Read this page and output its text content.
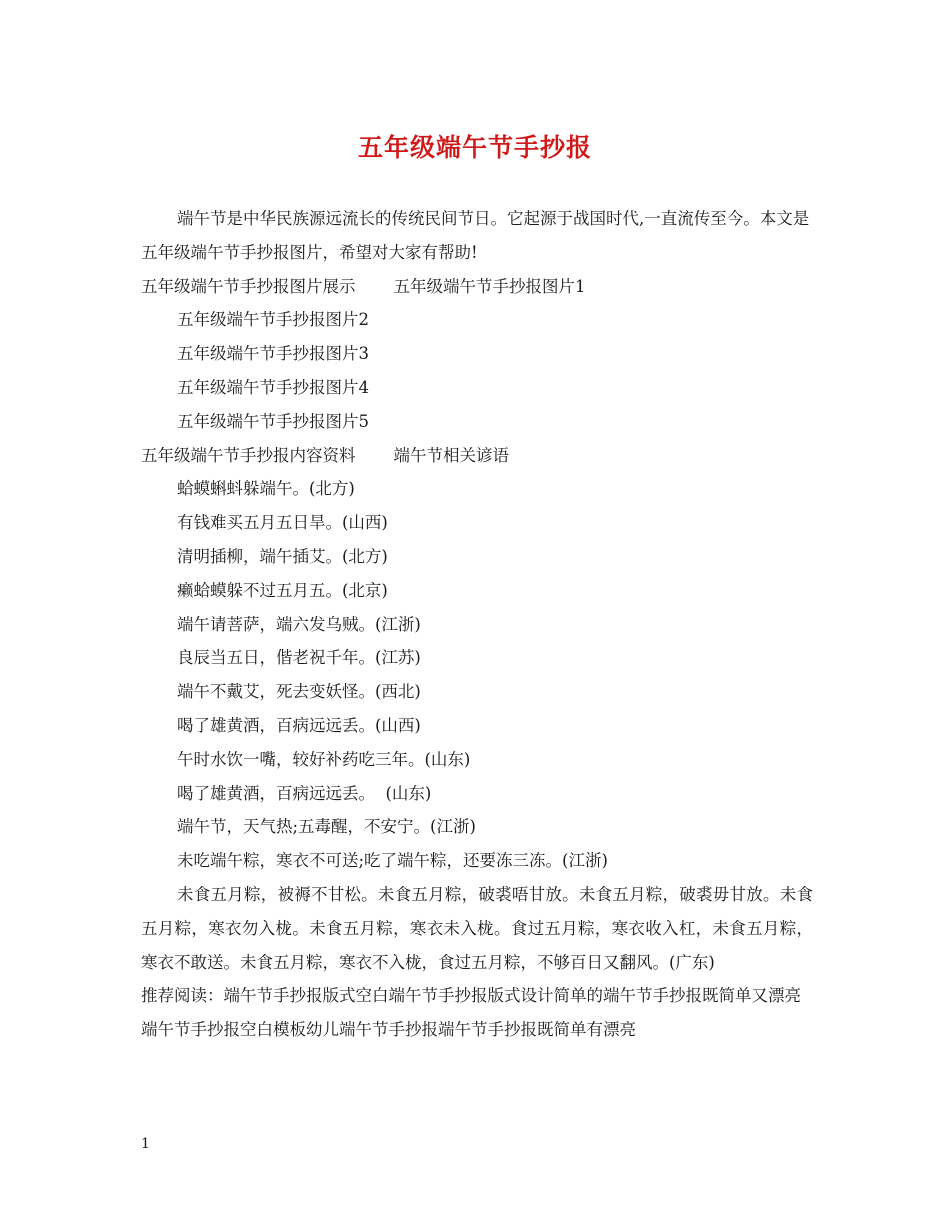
五年级端午节手抄报

端午节是中华民族源远流长的传统民间节日。它起源于战国时代,一直流传至今。本文是五年级端午节手抄报图片，希望对大家有帮助!

五年级端午节手抄报图片展示 五年级端午节手抄报图片1
五年级端午节手抄报图片2
五年级端午节手抄报图片3
五年级端午节手抄报图片4
五年级端午节手抄报图片5
五年级端午节手抄报内容资料 端午节相关谚语
蛤蟆蝌蚪躲端午。(北方)
有钱难买五月五日旱。(山西)
清明插柳，端午插艾。(北方)
癞蛤蟆躲不过五月五。(北京)
端午请菩萨，端六发乌贼。(江浙)
良辰当五日，偕老祝千年。(江苏)
端午不戴艾，死去变妖怪。(西北)
喝了雄黄酒，百病远远丢。(山西)
午时水饮一嘴，较好补药吃三年。(山东)
喝了雄黄酒，百病远远丢。  (山东)
端午节，天气热;五毒醒，不安宁。(江浙)
未吃端午粽，寒衣不可送;吃了端午粽，还要冻三冻。(江浙)

未食五月粽，被褥不甘松。未食五月粽，破裘唔甘放。未食五月粽，破裘毋甘放。未食五月粽，寒衣勿入栊。未食五月粽，寒衣未入栊。食过五月粽，寒衣收入杠，未食五月粽，寒衣不敢送。未食五月粽，寒衣不入栊，食过五月粽，不够百日又翻风。(广东)

推荐阅读：端午节手抄报版式空白端午节手抄报版式设计简单的端午节手抄报既简单又漂亮端午节手抄报空白模板幼儿端午节手抄报端午节手抄报既简单有漂亮

1
